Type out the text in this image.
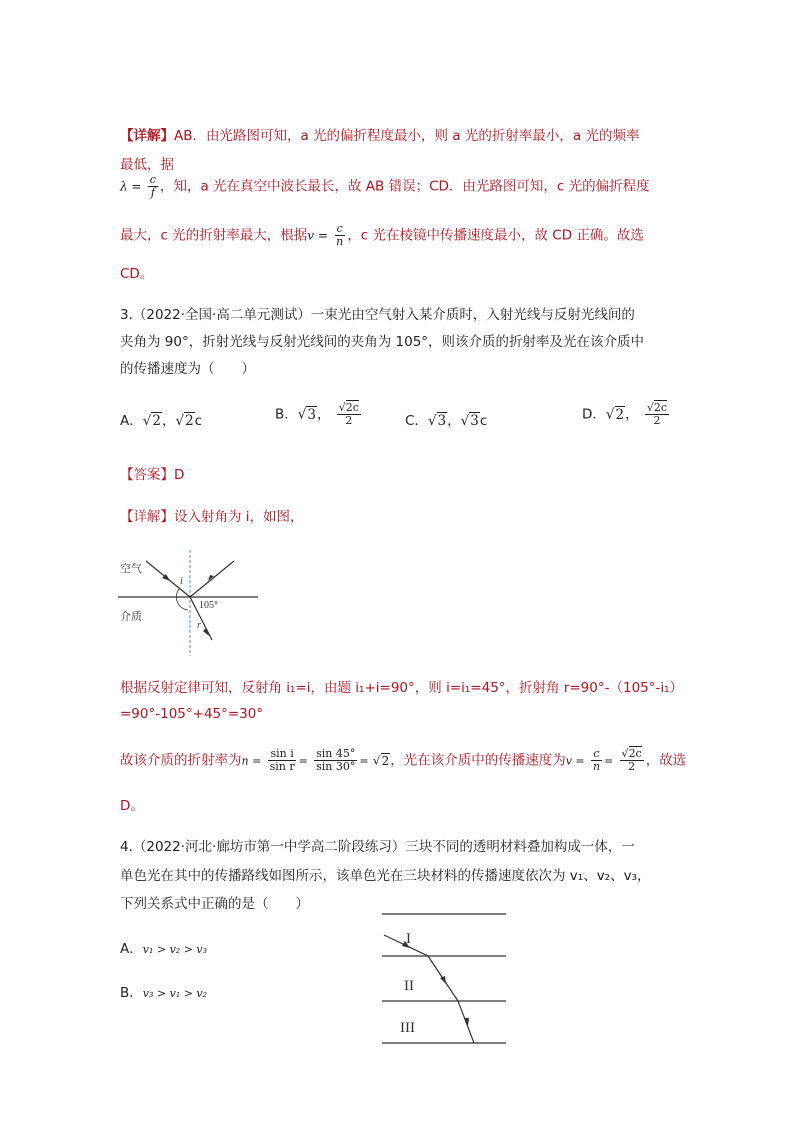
【详解】AB．由光路图可知，a 光的偏折程度最小，则 a 光的折射率最小，a 光的频率
最低，据
$\lambda = \frac{c}{f}$ ，知，a 光在真空中波长最长，故 AB 错误；CD．由光路图可知，c 光的偏折程度
最大，c 光的折射率最大，根据$v = \frac{c}{n}$ ，c 光在棱镜中传播速度最小，故 CD 正确。故选
CD。
3.（2022·全国·高二单元测试）一束光由空气射入某介质时，入射光线与反射光线间的
夹角为 90°，折射光线与反射光线间的夹角为 105°，则该介质的折射率及光在该介质中
的传播速度为（　　）
A．√2，√2c	B．√3， $\frac{√2c}{2}$	C．√3，√3c	D．√2， $\frac{√2c}{2}$
【答案】D
【详解】设入射角为 i，如图，
空气
介质
i
r
105°
根据反射定律可知，反射角 i₁=i，由题 i₁+i=90°，则 i=i₁=45°，折射角 r=90°-（105°-i₁）
=90°-105°+45°=30°
故该介质的折射率为$n = \frac{\text{sin i}}{\text{sin r}} = \frac{\sin 45^\circ}{\sin 30^\circ} = √2$，光在该介质中的传播速度为$v = \frac{c}{n} = \frac{√2c}{2}$ ，故选
D。
4.（2022·河北·廊坊市第一中学高二阶段练习）三块不同的透明材料叠加构成一体，一
单色光在其中的传播路线如图所示，该单色光在三块材料的传播速度依次为 v₁、v₂、v₃，
下列关系式中正确的是（　　）
A．v₁ > v₂ > v₃
B．v₃ > v₁ > v₂
I
II
III
